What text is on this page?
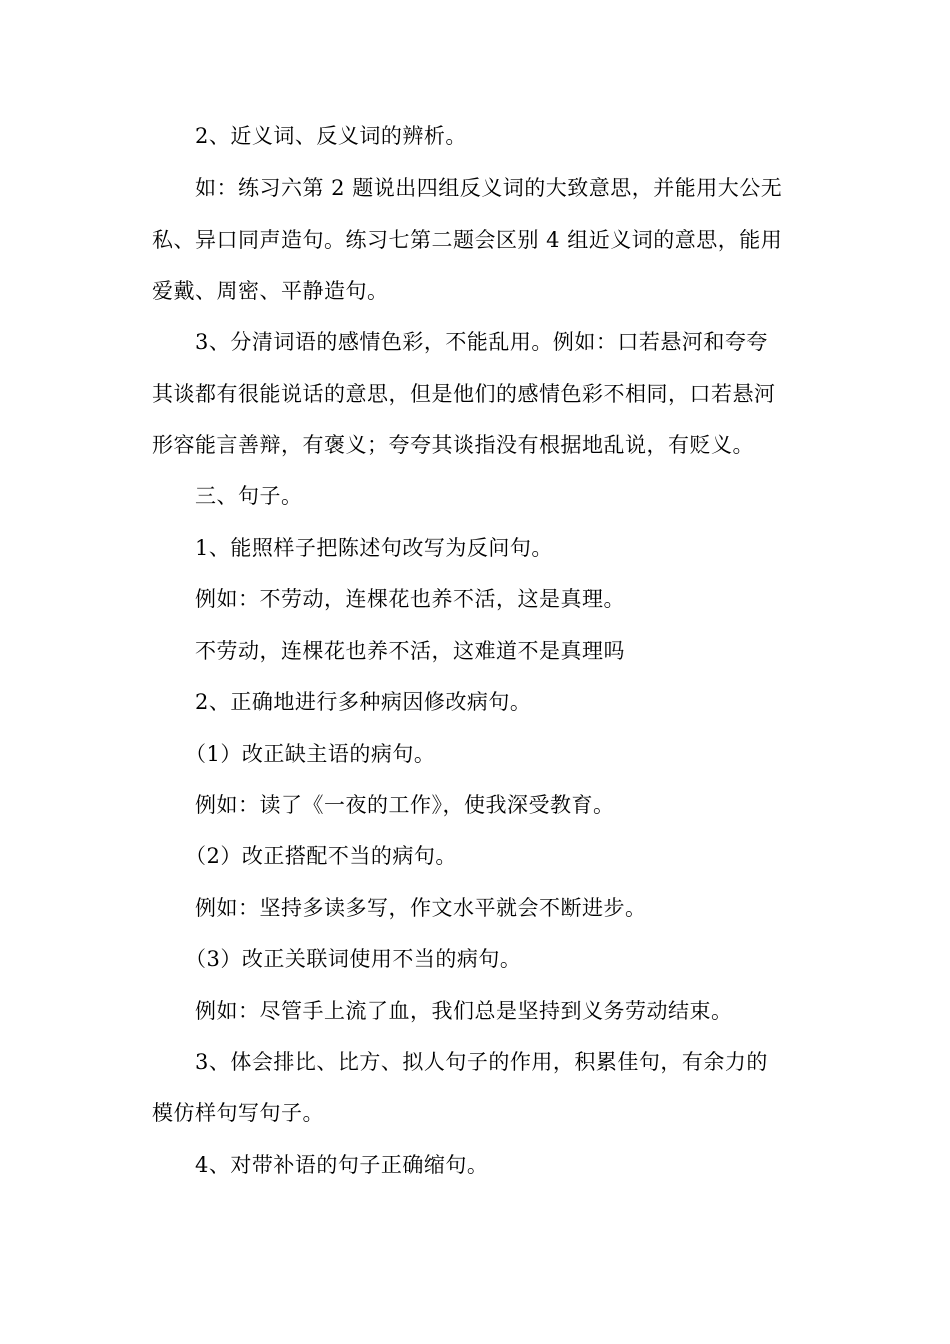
2、近义词、反义词的辨析。
如：练习六第 2 题说出四组反义词的大致意思，并能用大公无
私、异口同声造句。练习七第二题会区别 4 组近义词的意思，能用
爱戴、周密、平静造句。
3、分清词语的感情色彩，不能乱用。例如：口若悬河和夸夸
其谈都有很能说话的意思，但是他们的感情色彩不相同，口若悬河
形容能言善辩，有褒义；夸夸其谈指没有根据地乱说，有贬义。
三、句子。
1、能照样子把陈述句改写为反问句。
例如：不劳动，连棵花也养不活，这是真理。
不劳动，连棵花也养不活，这难道不是真理吗
2、正确地进行多种病因修改病句。
（1）改正缺主语的病句。
例如：读了《一夜的工作》，使我深受教育。
（2）改正搭配不当的病句。
例如：坚持多读多写，作文水平就会不断进步。
（3）改正关联词使用不当的病句。
例如：尽管手上流了血，我们总是坚持到义务劳动结束。
3、体会排比、比方、拟人句子的作用，积累佳句，有余力的
模仿样句写句子。
4、对带补语的句子正确缩句。
